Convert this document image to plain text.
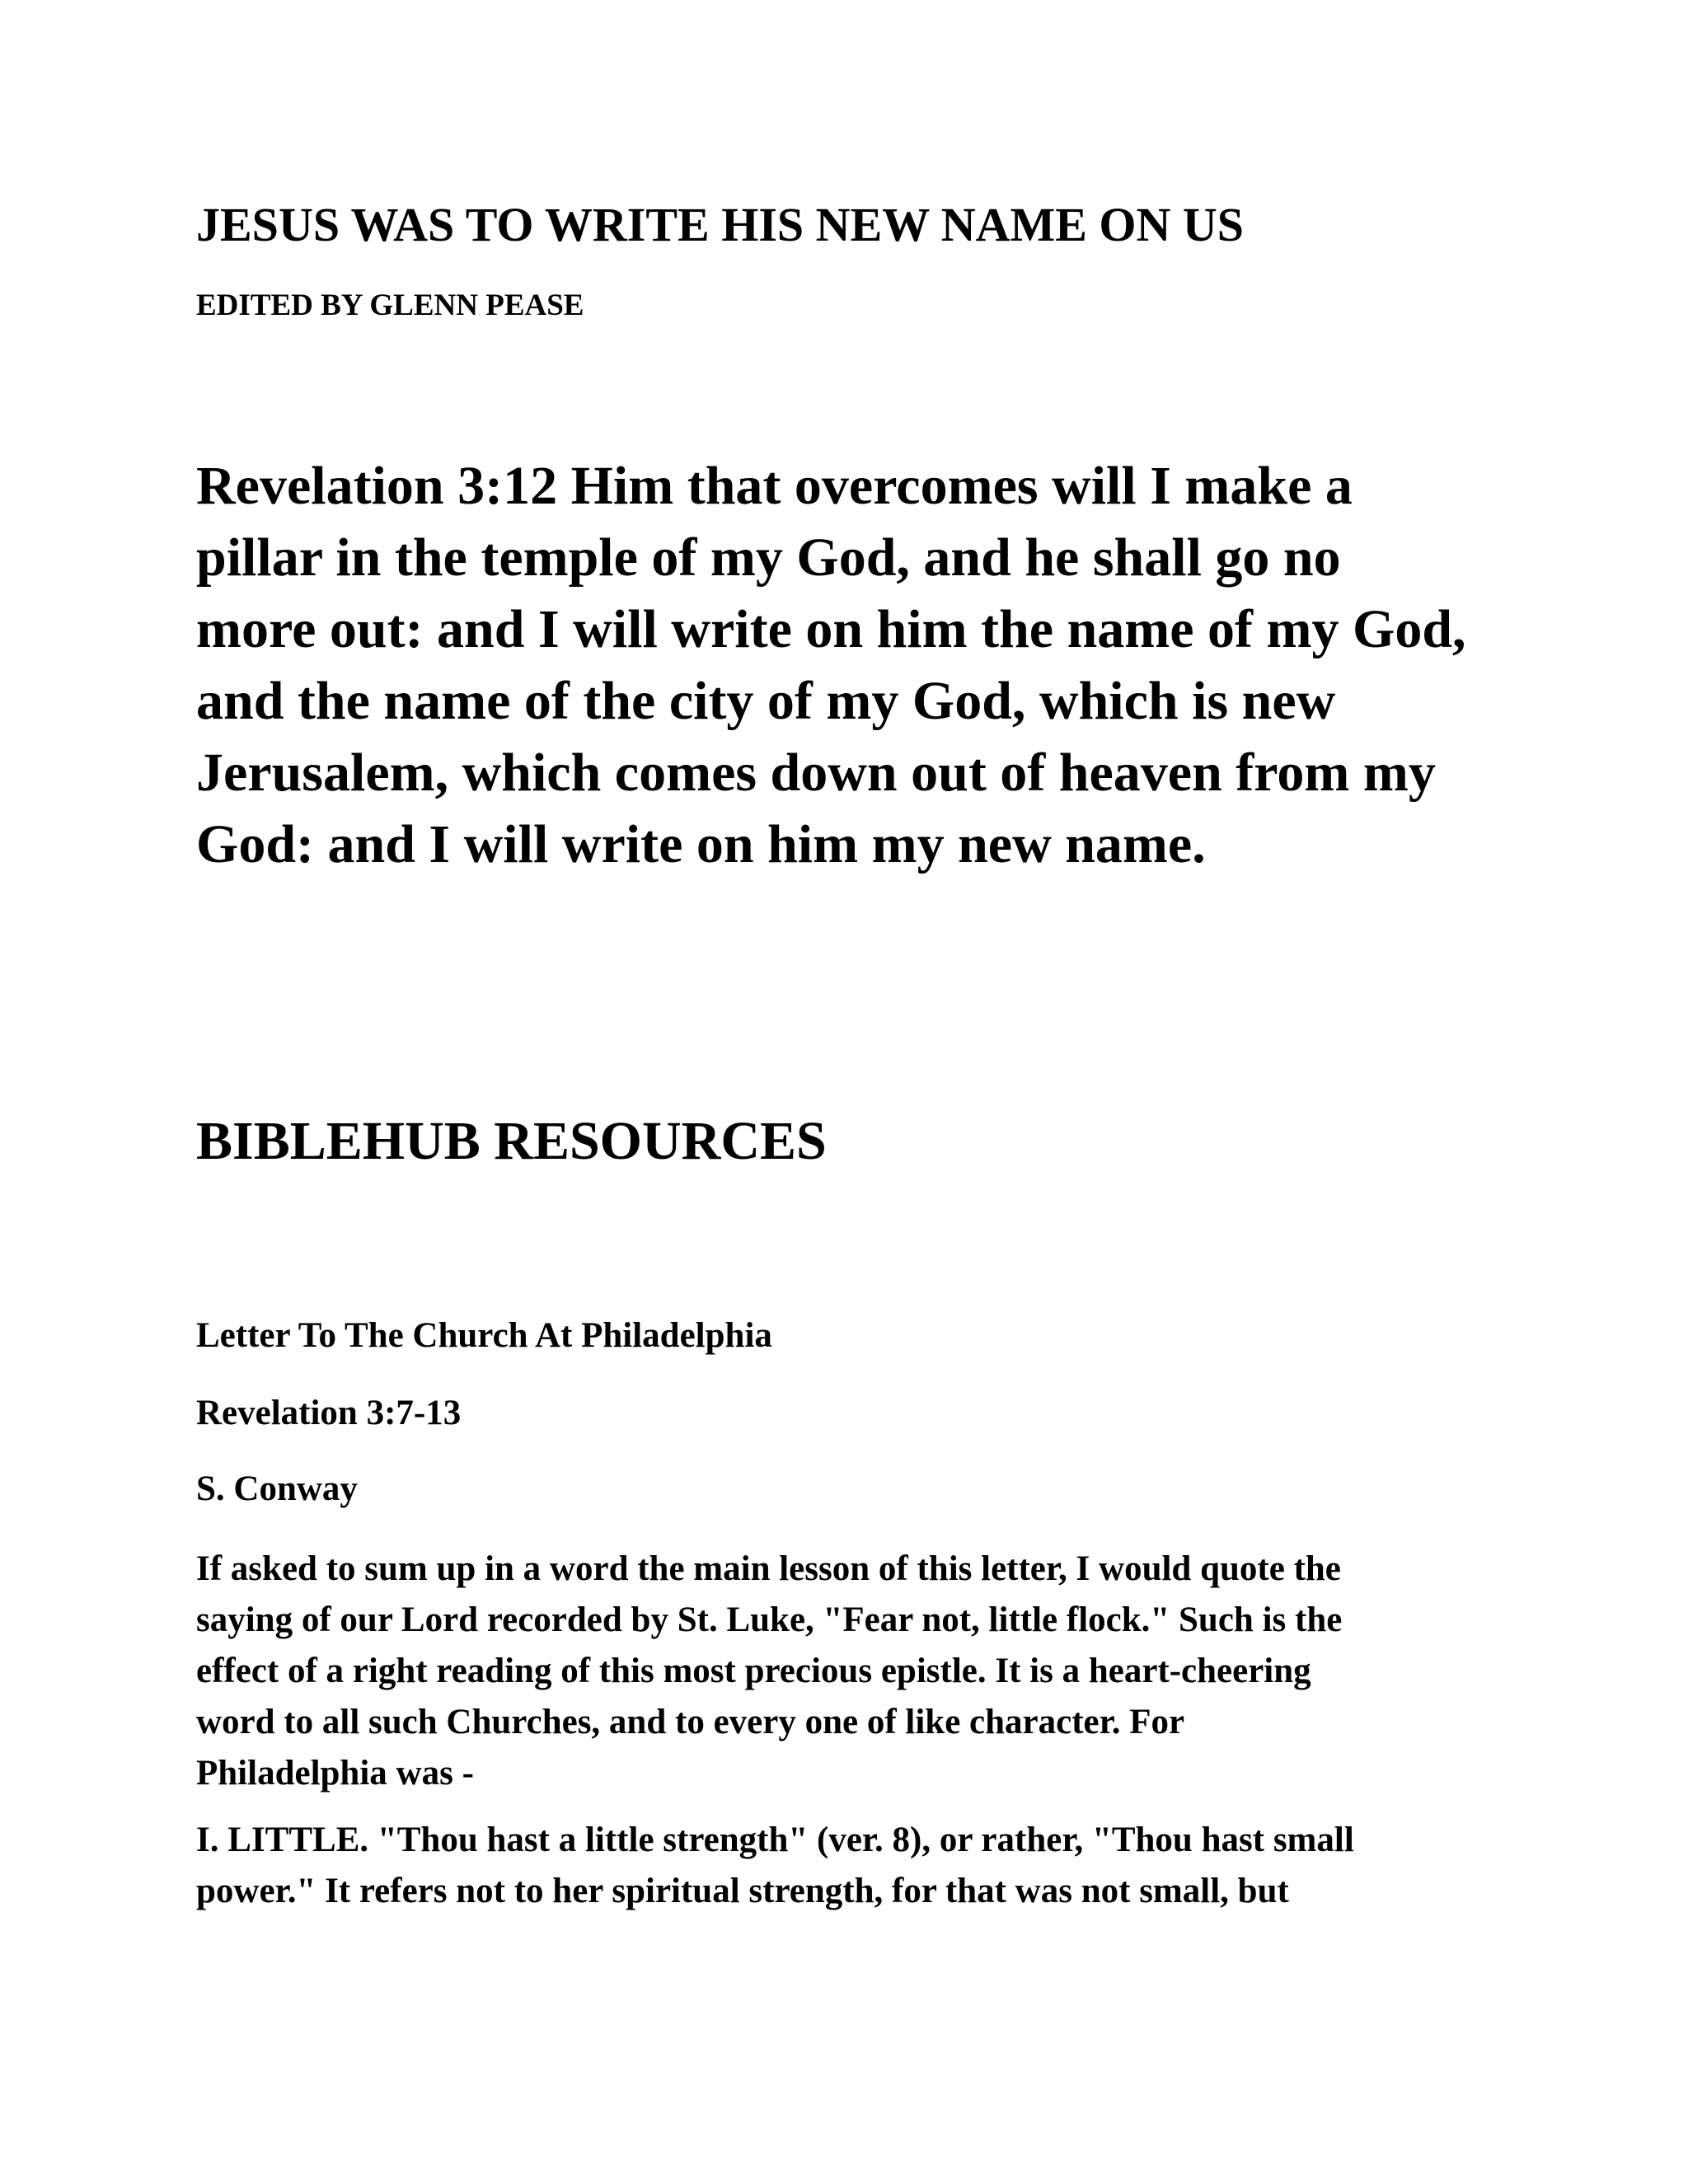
JESUS WAS TO WRITE HIS NEW NAME ON US
EDITED BY GLENN PEASE
Revelation 3:12 Him that overcomes will I make a
pillar in the temple of my God, and he shall go no
more out: and I will write on him the name of my God,
and the name of the city of my God, which is new
Jerusalem, which comes down out of heaven from my
God: and I will write on him my new name.
BIBLEHUB RESOURCES
Letter To The Church At Philadelphia
Revelation 3:7-13
S. Conway
If asked to sum up in a word the main lesson of this letter, I would quote the
saying of our Lord recorded by St. Luke, "Fear not, little flock." Such is the
effect of a right reading of this most precious epistle. It is a heart-cheering
word to all such Churches, and to every one of like character. For
Philadelphia was -
I. LITTLE. "Thou hast a little strength" (ver. 8), or rather, "Thou hast small
power." It refers not to her spiritual strength, for that was not small, but
